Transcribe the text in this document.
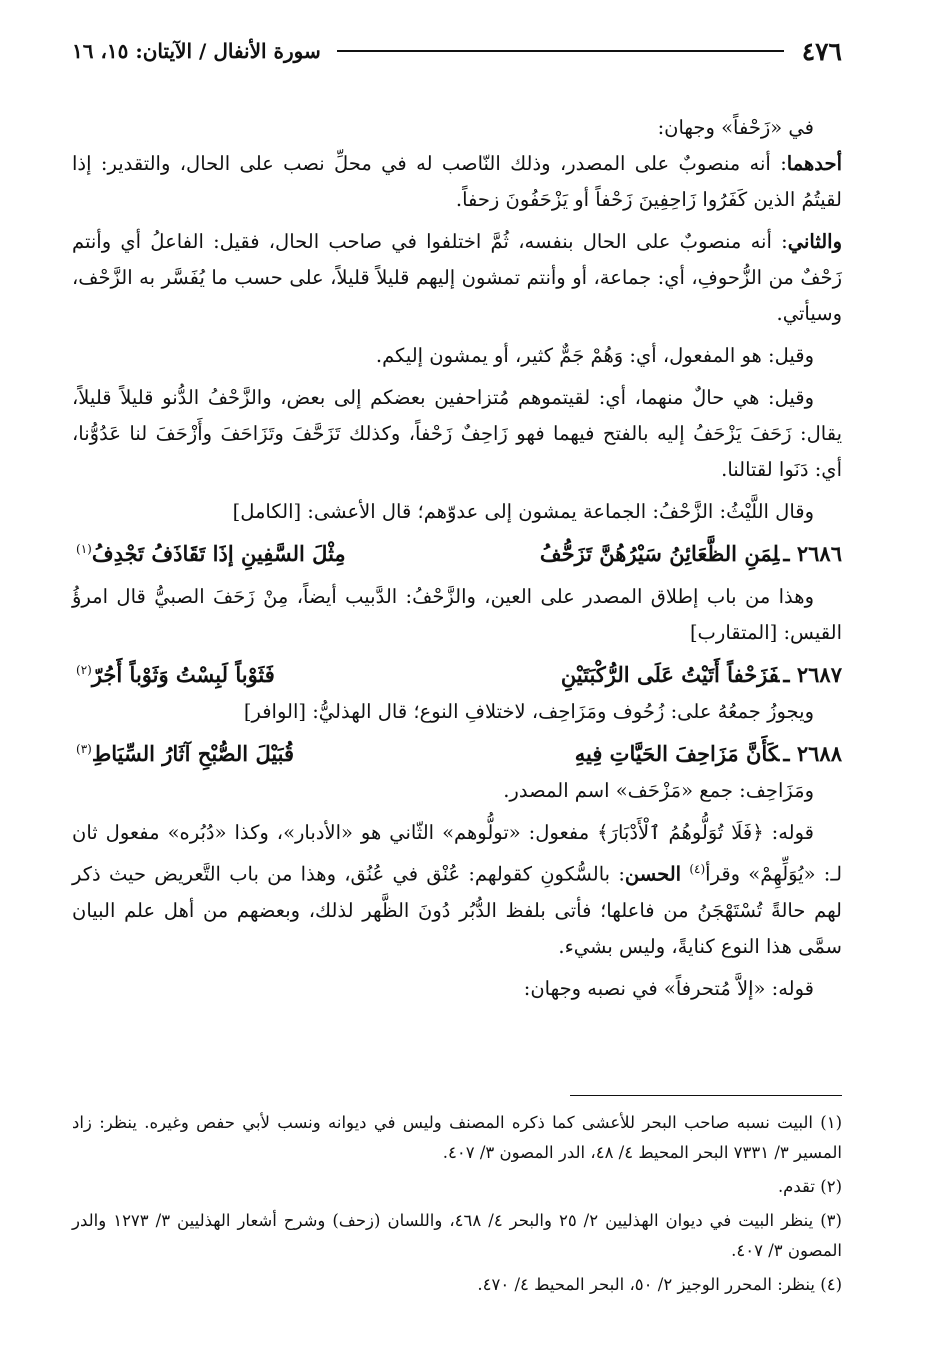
٤٧٦
سورة الأنفال / الآيتان: ١٥، ١٦

في «زَحْفاً» وجهان:

أحدهما: أنه منصوبٌ على المصدر، وذلك النّاصب له في محلِّ نصب على الحال، والتقدير: إذا لقيتُمُ الذين كَفَرُوا زَاحِفِينَ زَحْفاً أو يَزْحَفُونَ زحفاً.

والثاني: أنه منصوبٌ على الحال بنفسه، ثُمَّ اختلفوا في صاحب الحال، فقيل: الفاعلُ أي وأنتم زَحْفٌ من الزُّحوفِ، أي: جماعة، أو وأنتم تمشون إليهم قليلاً قليلاً، على حسب ما يُفَسَّر به الزَّحْف، وسيأتي.

وقيل: هو المفعول، أي: وَهُمْ جَمٌّ كثير، أو يمشون إليكم.

وقيل: هي حالٌ منهما، أي: لقيتموهم مُتزاحفين بعضكم إلى بعض، والزَّحْفُ الدُّنو قليلاً قليلاً، يقال: زَحَفَ يَزْحَفُ إليه بالفتح فيهما فهو زَاحِفٌ زَحْفاً، وكذلك تَزَحَّفَ وتَزَاحَفَ وأَزْحَفَ لنا عَدُوُّنا، أي: دَنَوا لقتالنا.

وقال اللَّيْثُ: الزَّحْفُ: الجماعة يمشون إلى عدوّهم؛ قال الأعشى: [الكامل]

٢٦٨٦ ـلِمَنِ الظَّعَائِنُ سَيْرُهُنَّ تَزَحُّفُ
مِثْلَ السَّفِينِ إذَا تَقَاذَفُ تَجْدِفُ$^{(١)}$

وهذا من باب إطلاق المصدر على العين، والزَّحْفُ: الدَّبيب أيضاً، مِنْ زَحَفَ الصبيُّ قال امرؤُ القيس: [المتقارب]

٢٦٨٧ ـفَزَحْفاً أَتَيْتُ عَلَى الرُّكْبَتَيْنِ
فَثَوْباً لَبِسْتُ وَثَوْباً أَجُرّ$^{(٢)}$

ويجوزُ جمعُهُ على: زُحُوف ومَزَاحِف، لاختلافِ النوع؛ قال الهذليُّ: [الوافر]

٢٦٨٨ ـكَأَنَّ مَزَاحِفَ الحَيَّاتِ فِيهِ
قُبَيْلَ الصُّبْحِ آثَارُ السِّيَاطِ$^{(٣)}$

ومَزَاحِف: جمع «مَزْحَف» اسم المصدر.

قوله: ﴿فَلَا تُوَلُّوهُمُ ٱلْأَدْبَارَ﴾ مفعول: «تولُّوهم» الثّاني هو «الأدبار»، وكذا «دُبُره» مفعول ثان لـ: «يُوَلِّهِمْ» وقرأ$^{(٤)}$ الحسن: بالسُّكونِ كقولهم: عُنْق في عُنُق، وهذا من باب التَّعريض حيث ذكر لهم حالةً تُسْتَهْجَنُ من فاعلها؛ فأتى بلفظ الدُّبُر دُونَ الظَّهر لذلك، وبعضهم من أهل علم البيان سمَّى هذا النوع كنايةً، وليس بشيء.

قوله: «إلاَّ مُتحرفاً» في نصبه وجهان:

(١) البيت نسبه صاحب البحر للأعشى كما ذكره المصنف وليس في ديوانه ونسب لأبي حفص وغيره. ينظر: زاد المسير ٣/ ٧٣٣١ البحر المحيط ٤/ ٤٨، الدر المصون ٣/ ٤٠٧.

(٢) تقدم.

(٣) ينظر البيت في ديوان الهذليين ٢/ ٢٥ والبحر ٤/ ٤٦٨، واللسان (زحف) وشرح أشعار الهذليين ٣/ ١٢٧٣ والدر المصون ٣/ ٤٠٧.

(٤) ينظر: المحرر الوجيز ٢/ ٥٠، البحر المحيط ٤/ ٤٧٠.
